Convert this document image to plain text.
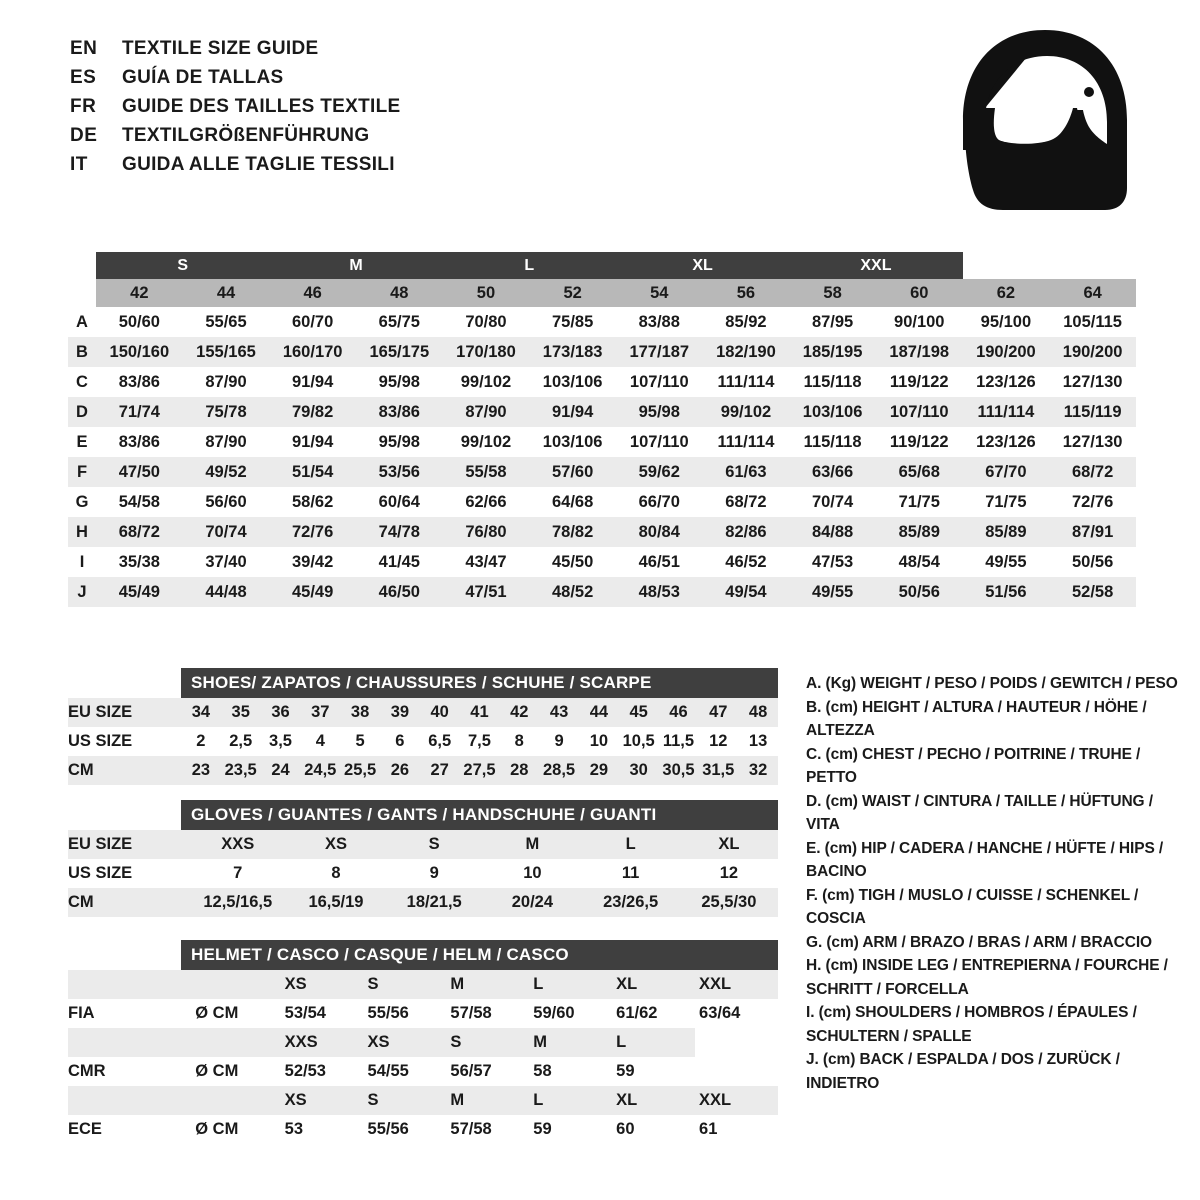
EN	TEXTILE SIZE GUIDE
ES	GUÍA DE TALLAS
FR	GUIDE DES TAILLES TEXTILE
DE	TEXTILGRÖßENFÜHRUNG
IT	GUIDA ALLE TAGLIE TESSILI
	S		M		L		XL		XXL			
	42	44	46	48	50	52	54	56	58	60	62	64
A	50/60	55/65	60/70	65/75	70/80	75/85	83/88	85/92	87/95	90/100	95/100	105/115
B	150/160	155/165	160/170	165/175	170/180	173/183	177/187	182/190	185/195	187/198	190/200	190/200
C	83/86	87/90	91/94	95/98	99/102	103/106	107/110	111/114	115/118	119/122	123/126	127/130
D	71/74	75/78	79/82	83/86	87/90	91/94	95/98	99/102	103/106	107/110	111/114	115/119
E	83/86	87/90	91/94	95/98	99/102	103/106	107/110	111/114	115/118	119/122	123/126	127/130
F	47/50	49/52	51/54	53/56	55/58	57/60	59/62	61/63	63/66	65/68	67/70	68/72
G	54/58	56/60	58/62	60/64	62/66	64/68	66/70	68/72	70/74	71/75	71/75	72/76
H	68/72	70/74	72/76	74/78	76/80	78/82	80/84	82/86	84/88	85/89	85/89	87/91
I	35/38	37/40	39/42	41/45	43/47	45/50	46/51	46/52	47/53	48/54	49/55	50/56
J	45/49	44/48	45/49	46/50	47/51	48/52	48/53	49/54	49/55	50/56	51/56	52/58
SHOES/ ZAPATOS / CHAUSSURES / SCHUHE / SCARPE
EU SIZE	34	35	36	37	38	39	40	41	42	43	44	45	46	47	48
US SIZE	2	2,5	3,5	4	5	6	6,5	7,5	8	9	10	10,5	11,5	12	13
CM	23	23,5	24	24,5	25,5	26	27	27,5	28	28,5	29	30	30,5	31,5	32
GLOVES / GUANTES / GANTS / HANDSCHUHE / GUANTI
EU SIZE	XXS	XS	S	M	L	XL
US SIZE	7	8	9	10	11	12
CM	12,5/16,5	16,5/19	18/21,5	20/24	23/26,5	25,5/30
HELMET / CASCO / CASQUE / HELM / CASCO
		XS	S	M	L	XL	XXL
FIA	Ø CM	53/54	55/56	57/58	59/60	61/62	63/64
		XXS	XS	S	M	L	
CMR	Ø CM	52/53	54/55	56/57	58	59	
		XS	S	M	L	XL	XXL
ECE	Ø CM	53	55/56	57/58	59	60	61
A. (Kg) WEIGHT / PESO / POIDS / GEWITCH / PESO
B. (cm) HEIGHT / ALTURA / HAUTEUR / HÖHE / ALTEZZA
C. (cm) CHEST / PECHO / POITRINE / TRUHE / PETTO
D. (cm) WAIST / CINTURA / TAILLE / HÜFTUNG / VITA
E. (cm) HIP / CADERA / HANCHE / HÜFTE / HIPS / BACINO
F. (cm) TIGH / MUSLO / CUISSE / SCHENKEL / COSCIA
G. (cm) ARM / BRAZO / BRAS / ARM / BRACCIO
H. (cm) INSIDE LEG / ENTREPIERNA / FOURCHE /
SCHRITT / FORCELLA
I. (cm) SHOULDERS / HOMBROS / ÉPAULES /
SCHULTERN / SPALLE
J. (cm) BACK / ESPALDA / DOS / ZURÜCK / INDIETRO
